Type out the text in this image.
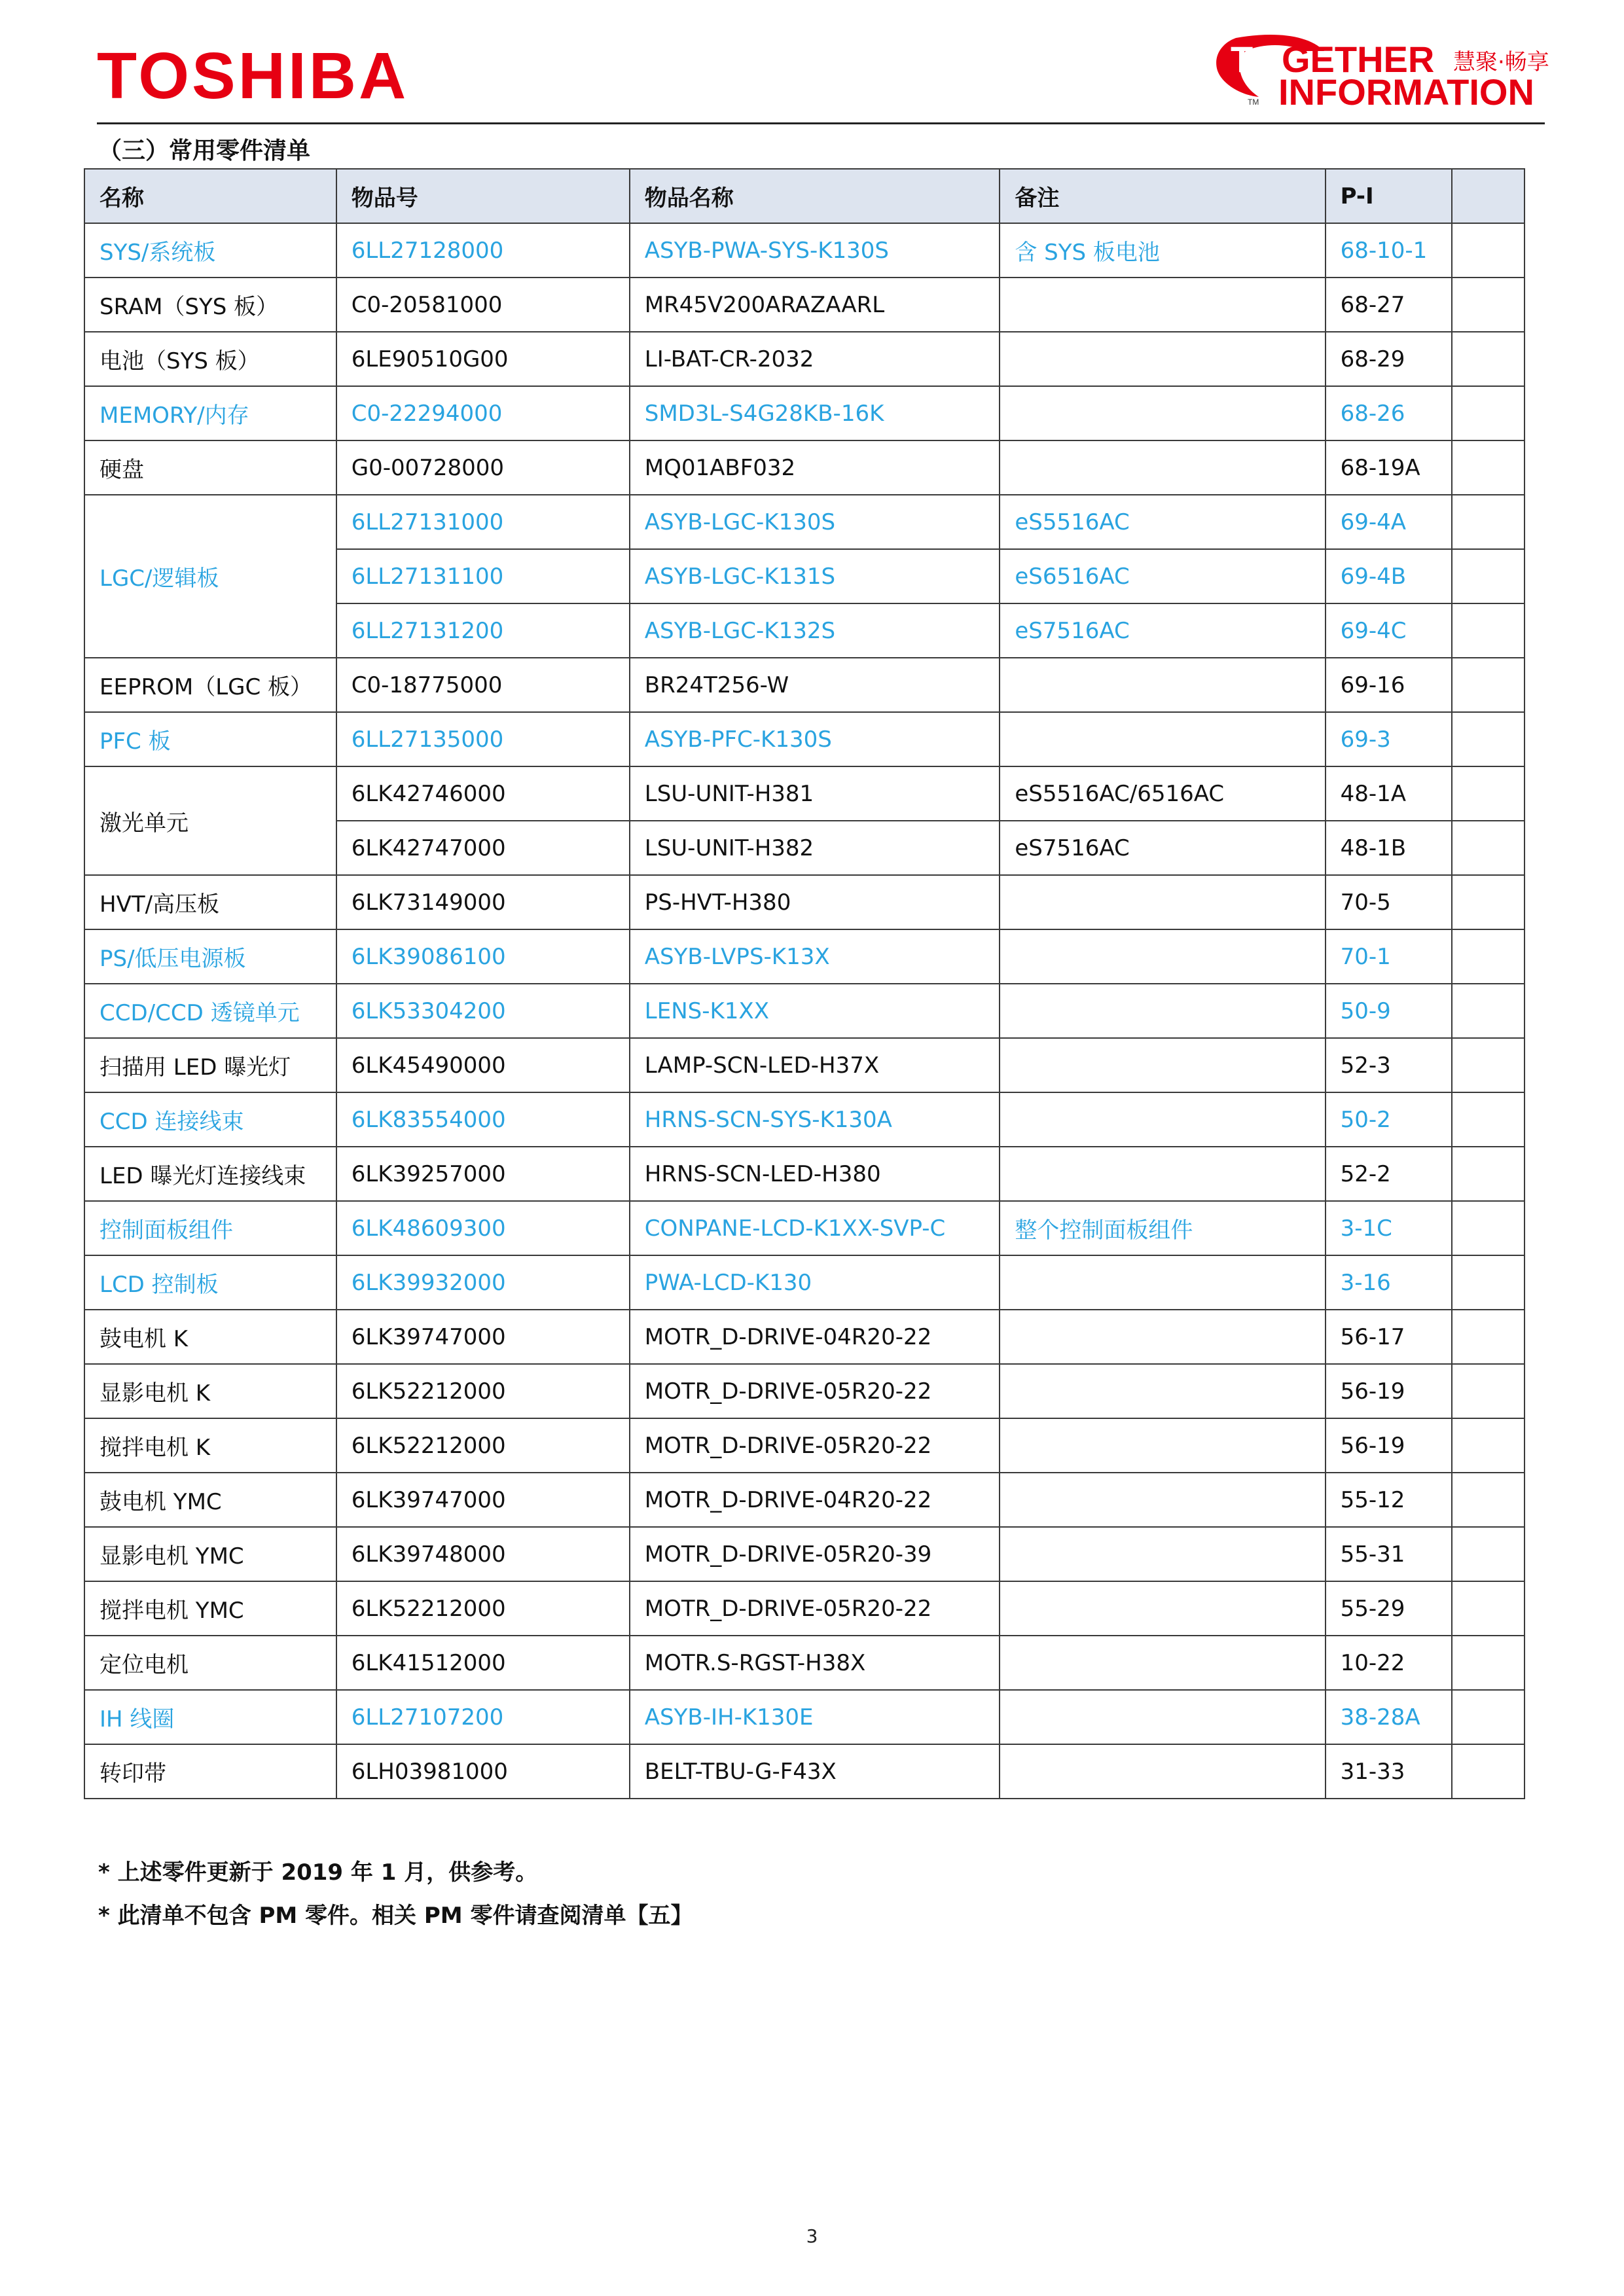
TOSHIBA	TO GETHER 慧聚·畅享
INFORMATION
TM
（三）常用零件清单
名称	物品号	物品名称	备注	P-I	
SYS/系统板	6LL27128000	ASYB-PWA-SYS-K130S	含 SYS 板电池	68-10-1	
SRAM（SYS 板）	C0-20581000	MR45V200ARAZAARL		68-27	
电池（SYS 板）	6LE90510G00	LI-BAT-CR-2032		68-29	
MEMORY/内存	C0-22294000	SMD3L-S4G28KB-16K		68-26	
硬盘	G0-00728000	MQ01ABF032		68-19A	
LGC/逻辑板	6LL27131000	ASYB-LGC-K130S	eS5516AC	69-4A	
	6LL27131100	ASYB-LGC-K131S	eS6516AC	69-4B	
	6LL27131200	ASYB-LGC-K132S	eS7516AC	69-4C	
EEPROM（LGC 板）	C0-18775000	BR24T256-W		69-16	
PFC 板	6LL27135000	ASYB-PFC-K130S		69-3	
激光单元	6LK42746000	LSU-UNIT-H381	eS5516AC/6516AC	48-1A	
	6LK42747000	LSU-UNIT-H382	eS7516AC	48-1B	
HVT/高压板	6LK73149000	PS-HVT-H380		70-5	
PS/低压电源板	6LK39086100	ASYB-LVPS-K13X		70-1	
CCD/CCD 透镜单元	6LK53304200	LENS-K1XX		50-9	
扫描用 LED 曝光灯	6LK45490000	LAMP-SCN-LED-H37X		52-3	
CCD 连接线束	6LK83554000	HRNS-SCN-SYS-K130A		50-2	
LED 曝光灯连接线束	6LK39257000	HRNS-SCN-LED-H380		52-2	
控制面板组件	6LK48609300	CONPANE-LCD-K1XX-SVP-C	整个控制面板组件	3-1C	
LCD 控制板	6LK39932000	PWA-LCD-K130		3-16	
鼓电机 K	6LK39747000	MOTR_D-DRIVE-04R20-22		56-17	
显影电机 K	6LK52212000	MOTR_D-DRIVE-05R20-22		56-19	
搅拌电机 K	6LK52212000	MOTR_D-DRIVE-05R20-22		56-19	
鼓电机 YMC	6LK39747000	MOTR_D-DRIVE-04R20-22		55-12	
显影电机 YMC	6LK39748000	MOTR_D-DRIVE-05R20-39		55-31	
搅拌电机 YMC	6LK52212000	MOTR_D-DRIVE-05R20-22		55-29	
定位电机	6LK41512000	MOTR.S-RGST-H38X		10-22	
IH 线圈	6LL27107200	ASYB-IH-K130E		38-28A	
转印带	6LH03981000	BELT-TBU-G-F43X		31-33	
* 上述零件更新于 2019 年 1 月，供参考。
* 此清单不包含 PM 零件。相关 PM 零件请查阅清单【五】
3
